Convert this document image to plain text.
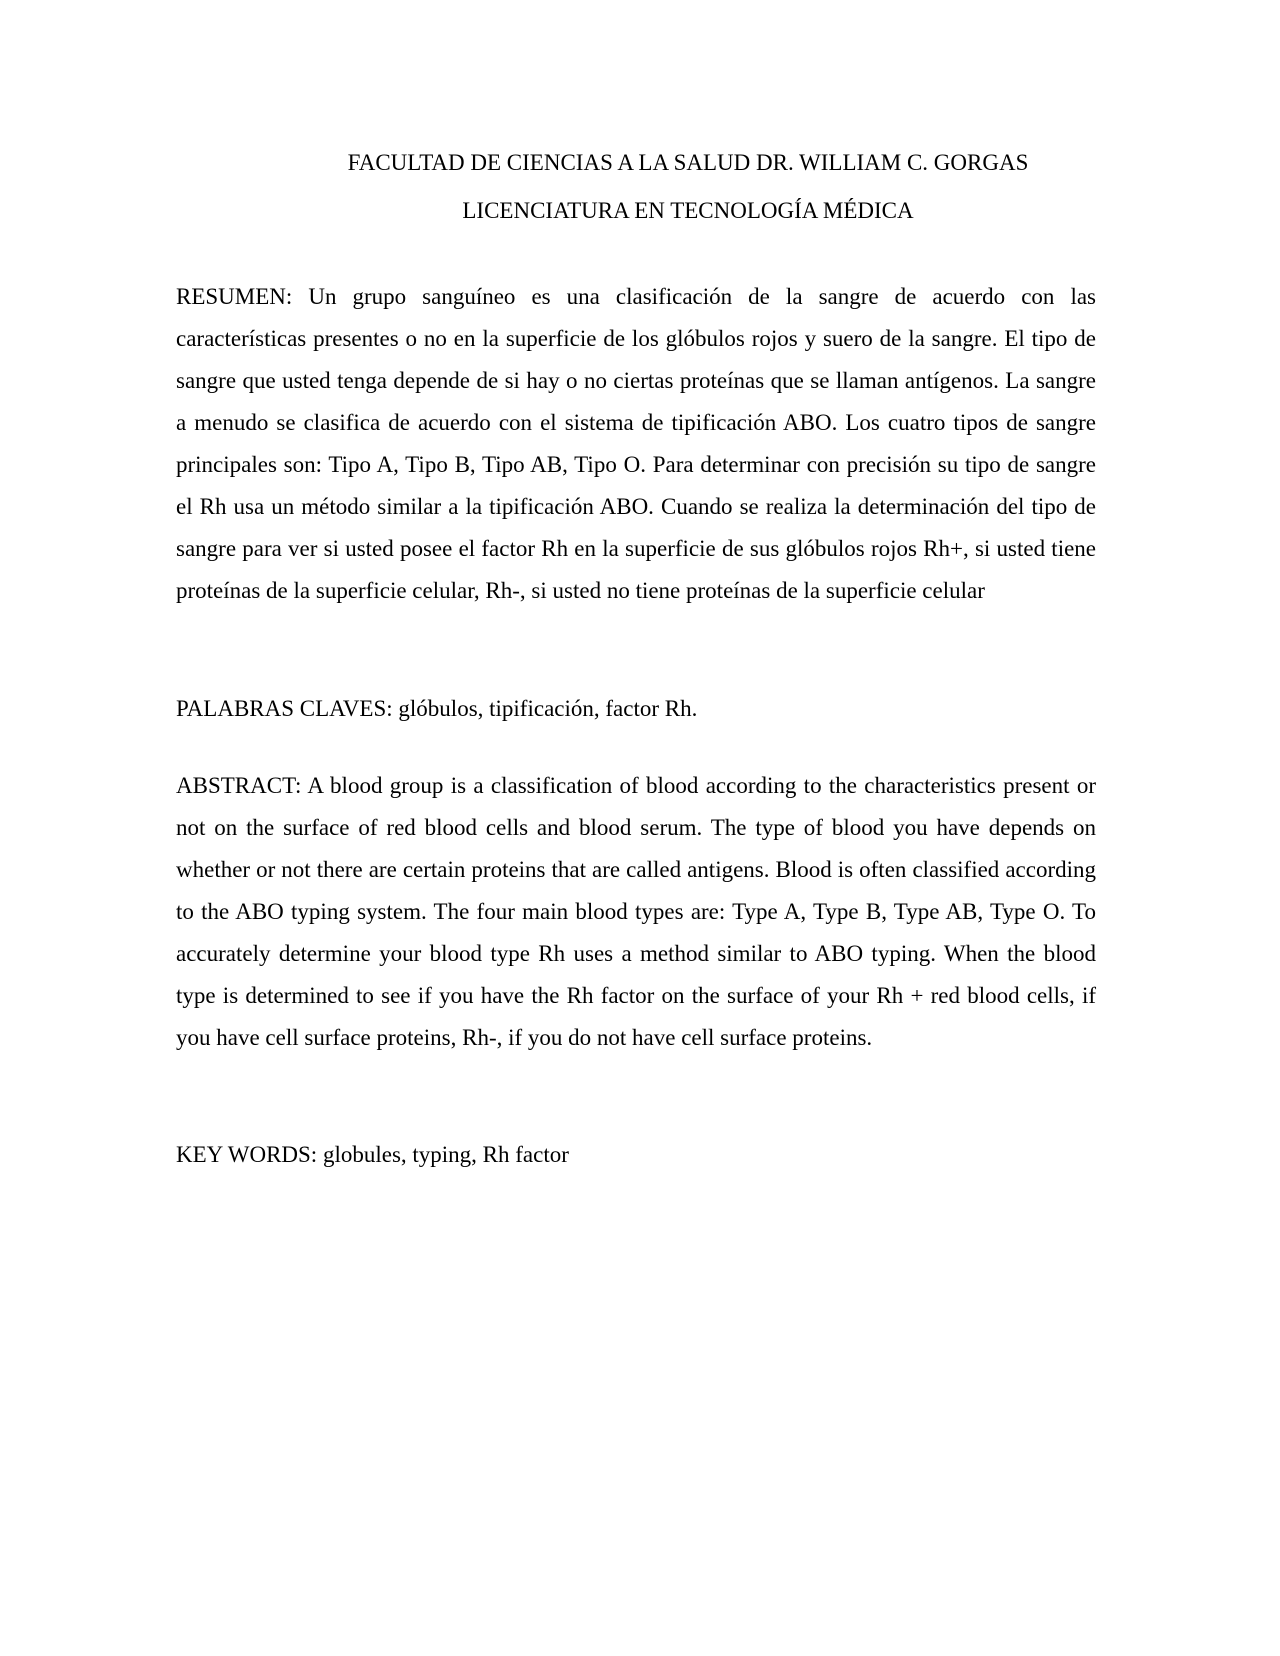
FACULTAD DE CIENCIAS A LA SALUD DR. WILLIAM C. GORGAS
LICENCIATURA EN TECNOLOGÍA MÉDICA

RESUMEN: Un grupo sanguíneo es una clasificación de la sangre de acuerdo con las características presentes o no en la superficie de los glóbulos rojos y suero de la sangre. El tipo de sangre que usted tenga depende de si hay o no ciertas proteínas que se llaman antígenos. La sangre a menudo se clasifica de acuerdo con el sistema de tipificación ABO. Los cuatro tipos de sangre principales son: Tipo A, Tipo B, Tipo AB, Tipo O. Para determinar con precisión su tipo de sangre el Rh usa un método similar a la tipificación ABO. Cuando se realiza la determinación del tipo de sangre para ver si usted posee el factor Rh en la superficie de sus glóbulos rojos Rh+, si usted tiene proteínas de la superficie celular, Rh-, si usted no tiene proteínas de la superficie celular

PALABRAS CLAVES: glóbulos, tipificación, factor Rh.

ABSTRACT: A blood group is a classification of blood according to the characteristics present or not on the surface of red blood cells and blood serum. The type of blood you have depends on whether or not there are certain proteins that are called antigens. Blood is often classified according to the ABO typing system. The four main blood types are: Type A, Type B, Type AB, Type O. To accurately determine your blood type Rh uses a method similar to ABO typing. When the blood type is determined to see if you have the Rh factor on the surface of your Rh + red blood cells, if you have cell surface proteins, Rh-, if you do not have cell surface proteins.

KEY WORDS: globules, typing, Rh factor
